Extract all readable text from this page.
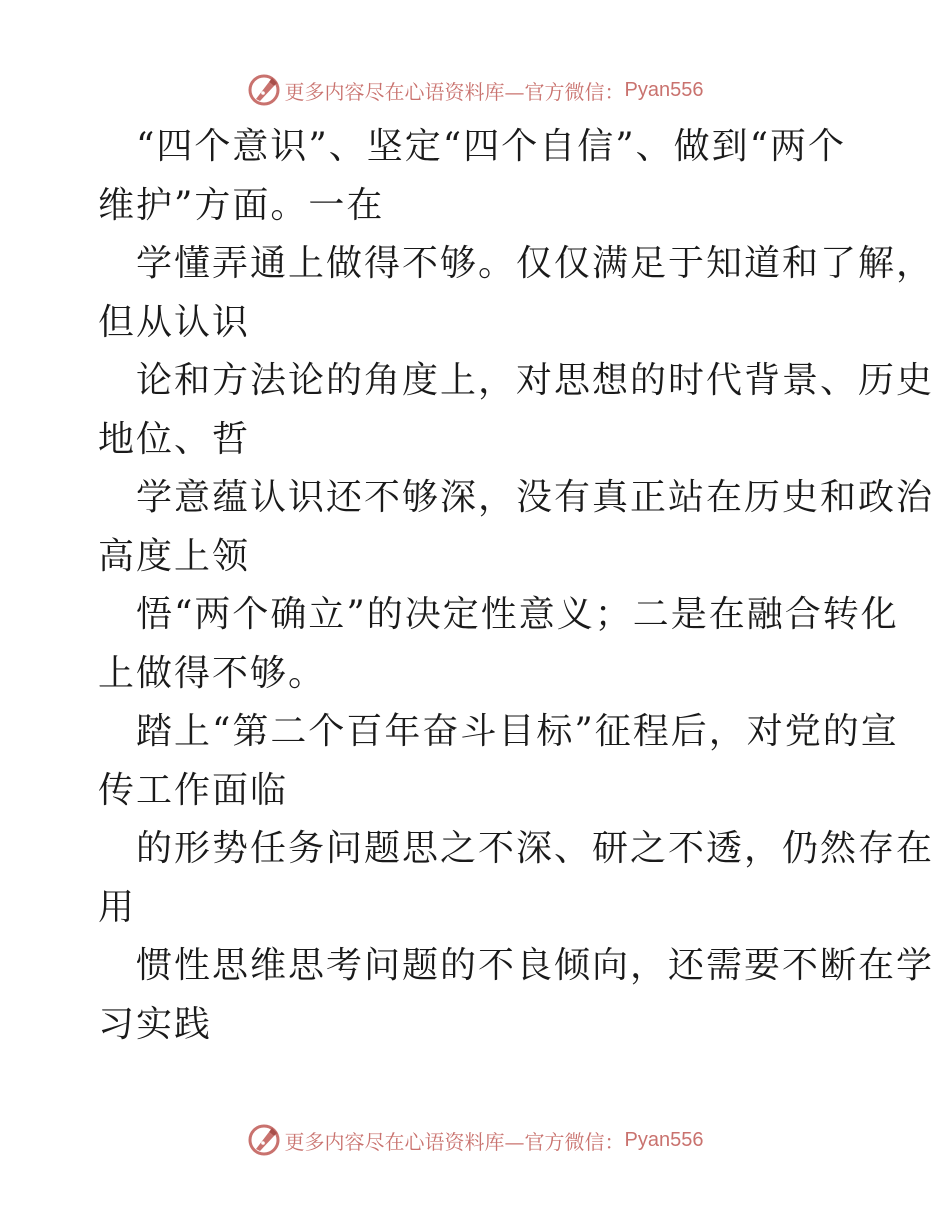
更多内容尽在心语资料库—官方微信： Pyan556
“四个意识”、坚定“四个自信”、做到“两个
维护”方面。一在
学懂弄通上做得不够。仅仅满足于知道和了解，
但从认识
论和方法论的角度上，对思想的时代背景、历史
地位、哲
学意蕴认识还不够深，没有真正站在历史和政治
高度上领
悟“两个确立”的决定性意义；二是在融合转化
上做得不够。
踏上“第二个百年奋斗目标”征程后，对党的宣
传工作面临
的形势任务问题思之不深、研之不透，仍然存在
用
惯性思维思考问题的不良倾向，还需要不断在学
习实践
更多内容尽在心语资料库—官方微信： Pyan556
